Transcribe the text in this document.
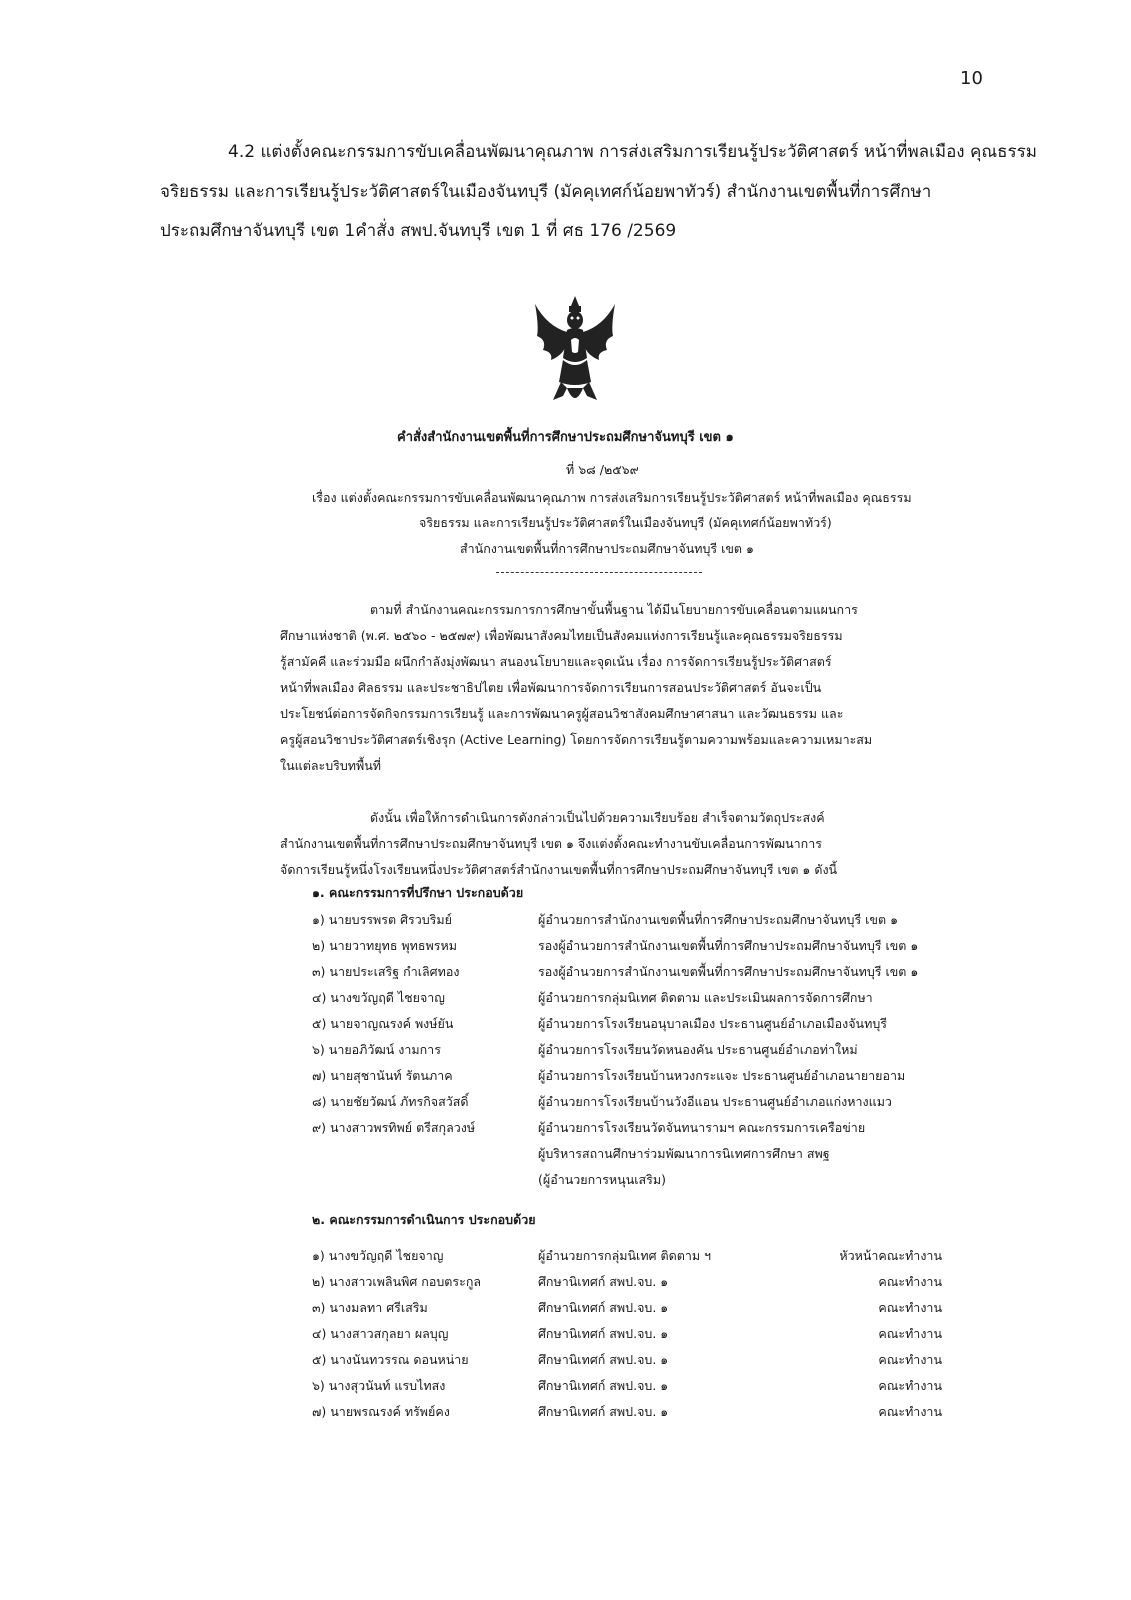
10
4.2 แต่งตั้งคณะกรรมการขับเคลื่อนพัฒนาคุณภาพ การส่งเสริมการเรียนรู้ประวัติศาสตร์ หน้าที่พลเมือง คุณธรรม
จริยธรรม และการเรียนรู้ประวัติศาสตร์ในเมืองจันทบุรี (มัคคุเทศก์น้อยพาทัวร์) สำนักงานเขตพื้นที่การศึกษา
ประถมศึกษาจันทบุรี เขต 1คำสั่ง สพป.จันทบุรี เขต 1 ที่ ศธ 176 /2569
คำสั่งสำนักงานเขตพื้นที่การศึกษาประถมศึกษาจันทบุรี เขต ๑
ที่ ๖๘ /๒๕๖๙
เรื่อง แต่งตั้งคณะกรรมการขับเคลื่อนพัฒนาคุณภาพ การส่งเสริมการเรียนรู้ประวัติศาสตร์ หน้าที่พลเมือง คุณธรรม
จริยธรรม และการเรียนรู้ประวัติศาสตร์ในเมืองจันทบุรี (มัคคุเทศก์น้อยพาทัวร์)
สำนักงานเขตพื้นที่การศึกษาประถมศึกษาจันทบุรี เขต ๑

ตามที่ สำนักงานคณะกรรมการการศึกษาขั้นพื้นฐาน ได้มีนโยบายการขับเคลื่อนตามแผนการ

ศึกษาแห่งชาติ (พ.ศ. ๒๕๖๐ - ๒๕๗๙) เพื่อพัฒนาสังคมไทยเป็นสังคมแห่งการเรียนรู้และคุณธรรมจริยธรรม

รู้สามัคคี และร่วมมือ ผนึกกำลังมุ่งพัฒนา สนองนโยบายและจุดเน้น เรื่อง การจัดการเรียนรู้ประวัติศาสตร์

หน้าที่พลเมือง ศิลธรรม และประชาธิปไตย เพื่อพัฒนาการจัดการเรียนการสอนประวัติศาสตร์ อันจะเป็น

ประโยชน์ต่อการจัดกิจกรรมการเรียนรู้ และการพัฒนาครูผู้สอนวิชาสังคมศึกษาศาสนา และวัฒนธรรม และ

ครูผู้สอนวิชาประวัติศาสตร์เชิงรุก (Active Learning) โดยการจัดการเรียนรู้ตามความพร้อมและความเหมาะสม

ในแต่ละบริบทพื้นที่

ดังนั้น เพื่อให้การดำเนินการดังกล่าวเป็นไปด้วยความเรียบร้อย สำเร็จตามวัตถุประสงค์

สำนักงานเขตพื้นที่การศึกษาประถมศึกษาจันทบุรี เขต ๑ จึงแต่งตั้งคณะทำงานขับเคลื่อนการพัฒนาการ

จัดการเรียนรู้หนึ่งโรงเรียนหนึ่งประวัติศาสตร์สำนักงานเขตพื้นที่การศึกษาประถมศึกษาจันทบุรี เขต ๑ ดังนี้

๑. คณะกรรมการที่ปรึกษา ประกอบด้วย
๑) นายบรรพรต ศิรวบริมย์	ผู้อำนวยการสำนักงานเขตพื้นที่การศึกษาประถมศึกษาจันทบุรี เขต ๑
๒) นายวาทยุทธ พุทธพรหม	รองผู้อำนวยการสำนักงานเขตพื้นที่การศึกษาประถมศึกษาจันทบุรี เขต ๑
๓) นายประเสริฐ กำเลิศทอง	รองผู้อำนวยการสำนักงานเขตพื้นที่การศึกษาประถมศึกษาจันทบุรี เขต ๑
๔) นางขวัญฤดี ไชยจาญ	ผู้อำนวยการกลุ่มนิเทศ ติดตาม และประเมินผลการจัดการศึกษา
๕) นายจาญณรงค์ พงษ์ยัน	ผู้อำนวยการโรงเรียนอนุบาลเมือง ประธานศูนย์อำเภอเมืองจันทบุรี
๖) นายอภิวัฒน์ งามการ	ผู้อำนวยการโรงเรียนวัดหนองคัน ประธานศูนย์อำเภอท่าใหม่
๗) นายสุชานันท์ รัตนภาค	ผู้อำนวยการโรงเรียนบ้านหวงกระแจะ ประธานศูนย์อำเภอนายายอาม
๘) นายชัยวัฒน์ ภัทรกิจสวัสดิ์	ผู้อำนวยการโรงเรียนบ้านวังอีแอน ประธานศูนย์อำเภอแก่งหางแมว
๙) นางสาวพรทิพย์ ตรีสกุลวงษ์	ผู้อำนวยการโรงเรียนวัดจันทนารามฯ คณะกรรมการเครือข่าย
ผู้บริหารสถานศึกษาร่วมพัฒนาการนิเทศการศึกษา สพฐ
(ผู้อำนวยการหนุนเสริม)
๒. คณะกรรมการดำเนินการ ประกอบด้วย
๑) นางขวัญฤดี ไชยจาญ	ผู้อำนวยการกลุ่มนิเทศ ติดตาม ฯ	หัวหน้าคณะทำงาน
๒) นางสาวเพลินพิศ กอบตระกูล	ศึกษานิเทศก์ สพป.จบ. ๑	คณะทำงาน
๓) นางมลทา ศรีเสริม	ศึกษานิเทศก์ สพป.จบ. ๑	คณะทำงาน
๔) นางสาวสกุลยา ผลบุญ	ศึกษานิเทศก์ สพป.จบ. ๑	คณะทำงาน
๕) นางนันทวรรณ ดอนหน่าย	ศึกษานิเทศก์ สพป.จบ. ๑	คณะทำงาน
๖) นางสุวนันท์ แรบไทสง	ศึกษานิเทศก์ สพป.จบ. ๑	คณะทำงาน
๗) นายพรณรงค์ ทรัพย์คง	ศึกษานิเทศก์ สพป.จบ. ๑	คณะทำงาน
